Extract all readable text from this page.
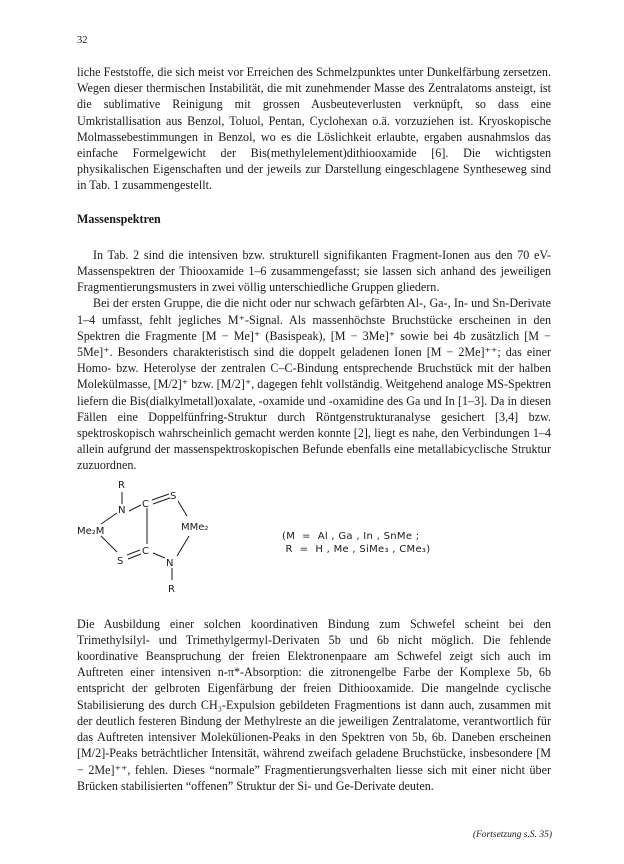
32

liche Feststoffe, die sich meist vor Erreichen des Schmelzpunktes unter Dunkelfärbung zersetzen. Wegen dieser thermischen Instabilität, die mit zunehmender Masse des Zentralatoms ansteigt, ist die sublimative Reinigung mit grossen Ausbeuteverlusten verknüpft, so dass eine Umkristallisation aus Benzol, Toluol, Pentan, Cyclohexan o.ä. vorzuziehen ist. Kryoskopische Molmassebestimmungen in Benzol, wo es die Löslichkeit erlaubte, ergaben ausnahmslos das einfache Formelgewicht der Bis(methylelement)dithiooxamide [6]. Die wichtigsten physikalischen Eigenschaften und der jeweils zur Darstellung eingeschlagene Syntheseweg sind in Tab. 1 zusammengestellt.

Massenspektren

In Tab. 2 sind die intensiven bzw. strukturell signifikanten Fragment-Ionen aus den 70 eV-Massenspektren der Thiooxamide 1–6 zusammengefasst; sie lassen sich anhand des jeweiligen Fragmentierungsmusters in zwei völlig unterschiedliche Gruppen gliedern.

Bei der ersten Gruppe, die die nicht oder nur schwach gefärbten Al-, Ga-, In- und Sn-Derivate 1–4 umfasst, fehlt jegliches M⁺-Signal. Als massenhöchste Bruchstücke erscheinen in den Spektren die Fragmente [M − Me]⁺ (Basispeak), [M − 3Me]⁺ sowie bei 4b zusätzlich [M − 5Me]⁺. Besonders charakteristisch sind die doppelt geladenen Ionen [M − 2Me]⁺⁺; das einer Homo- bzw. Heterolyse der zentralen C–C-Bindung entsprechende Bruchstück mit der halben Molekülmasse, [M/2]⁺ bzw. [M/2]⁺, dagegen fehlt vollständig. Weitgehend analoge MS-Spektren liefern die Bis(dialkylmetall)oxalate, -oxamide und -oxamidine des Ga und In [1–3]. Da in diesen Fällen eine Doppelfünfring-Struktur durch Röntgenstrukturanalyse gesichert [3,4] bzw. spektroskopisch wahrscheinlich gemacht werden konnte [2], liegt es nahe, den Verbindungen 1–4 allein aufgrund der massenspektroskopischen Befunde ebenfalls eine metallabicyclische Struktur zuzuordnen.

R
N
C
S
Me₂M	MMe₂
S
C
N
R
(M  =  Al , Ga , In , SnMe ;
R  =  H , Me , SiMe₃ , CMe₃)

Die Ausbildung einer solchen koordinativen Bindung zum Schwefel scheint bei den Trimethylsilyl- und Trimethylgermyl-Derivaten 5b und 6b nicht möglich. Die fehlende koordinative Beanspruchung der freien Elektronenpaare am Schwefel zeigt sich auch im Auftreten einer intensiven n-π*-Absorption: die zitronengelbe Farbe der Komplexe 5b, 6b entspricht der gelbroten Eigenfärbung der freien Dithiooxamide. Die mangelnde cyclische Stabilisierung des durch CH₃-Expulsion gebildeten Fragmentions ist dann auch, zusammen mit der deutlich festeren Bindung der Methylreste an die jeweiligen Zentralatome, verantwortlich für das Auftreten intensiver Molekülionen-Peaks in den Spektren von 5b, 6b. Daneben erscheinen [M/2]-Peaks beträchtlicher Intensität, während zweifach geladene Bruchstücke, insbesondere [M − 2Me]⁺⁺, fehlen. Dieses “normale” Fragmentierungsverhalten liesse sich mit einer nicht über Brücken stabilisierten “offenen” Struktur der Si- und Ge-Derivate deuten.

(Fortsetzung s.S. 35)
